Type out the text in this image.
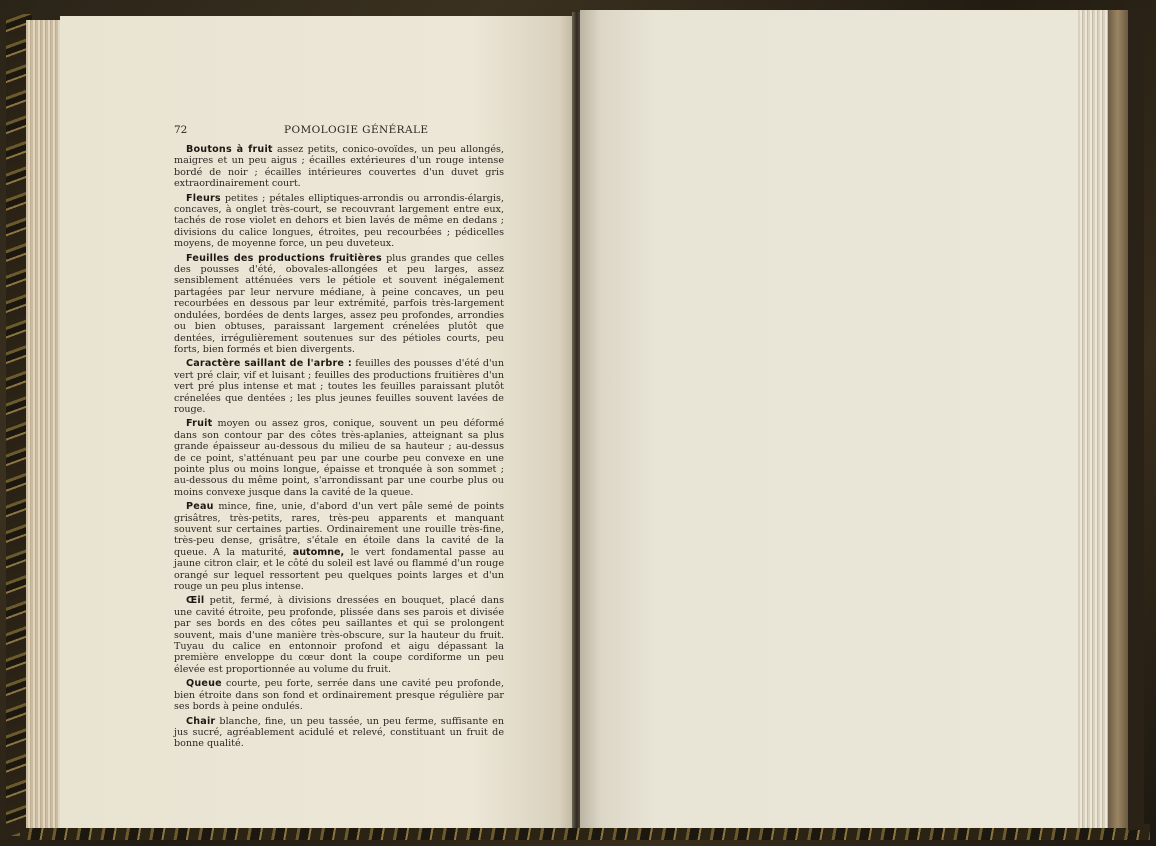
72	POMOLOGIE GÉNÉRALE

Boutons à fruit assez petits, conico-ovoïdes, un peu allongés, maigres et un peu aigus ; écailles extérieures d'un rouge intense bordé de noir ; écailles intérieures couvertes d'un duvet gris extraordinairement court.

Fleurs petites ; pétales elliptiques-arrondis ou arrondis-élargis, concaves, à onglet très-court, se recouvrant largement entre eux, tachés de rose violet en dehors et bien lavés de même en dedans ; divisions du calice longues, étroites, peu recourbées ; pédicelles moyens, de moyenne force, un peu duveteux.

Feuilles des productions fruitières plus grandes que celles des pousses d'été, obovales-allongées et peu larges, assez sensiblement atténuées vers le pétiole et souvent inégalement partagées par leur nervure médiane, à peine concaves, un peu recourbées en dessous par leur extrémité, parfois très-largement ondulées, bordées de dents larges, assez peu profondes, arrondies ou bien obtuses, paraissant largement crénelées plutôt que dentées, irrégulièrement soutenues sur des pétioles courts, peu forts, bien formés et bien divergents.

Caractère saillant de l'arbre : feuilles des pousses d'été d'un vert pré clair, vif et luisant ; feuilles des productions fruitières d'un vert pré plus intense et mat ; toutes les feuilles paraissant plutôt crénelées que dentées ; les plus jeunes feuilles souvent lavées de rouge.

Fruit moyen ou assez gros, conique, souvent un peu déformé dans son contour par des côtes très-aplanies, atteignant sa plus grande épaisseur au-dessous du milieu de sa hauteur ; au-dessus de ce point, s'atténuant peu par une courbe peu convexe en une pointe plus ou moins longue, épaisse et tronquée à son sommet ; au-dessous du même point, s'arrondissant par une courbe plus ou moins convexe jusque dans la cavité de la queue.

Peau mince, fine, unie, d'abord d'un vert pâle semé de points grisâtres, très-petits, rares, très-peu apparents et manquant souvent sur certaines parties. Ordinairement une rouille très-fine, très-peu dense, grisâtre, s'étale en étoile dans la cavité de la queue. A la maturité, automne, le vert fondamental passe au jaune citron clair, et le côté du soleil est lavé ou flammé d'un rouge orangé sur lequel ressortent peu quelques points larges et d'un rouge un peu plus intense.

Œil petit, fermé, à divisions dressées en bouquet, placé dans une cavité étroite, peu profonde, plissée dans ses parois et divisée par ses bords en des côtes peu saillantes et qui se prolongent souvent, mais d'une manière très-obscure, sur la hauteur du fruit. Tuyau du calice en entonnoir profond et aigu dépassant la première enveloppe du cœur dont la coupe cordiforme un peu élevée est proportionnée au volume du fruit.

Queue courte, peu forte, serrée dans une cavité peu profonde, bien étroite dans son fond et ordinairement presque régulière par ses bords à peine ondulés.

Chair blanche, fine, un peu tassée, un peu ferme, suffisante en jus sucré, agréablement acidulé et relevé, constituant un fruit de bonne qualité.
